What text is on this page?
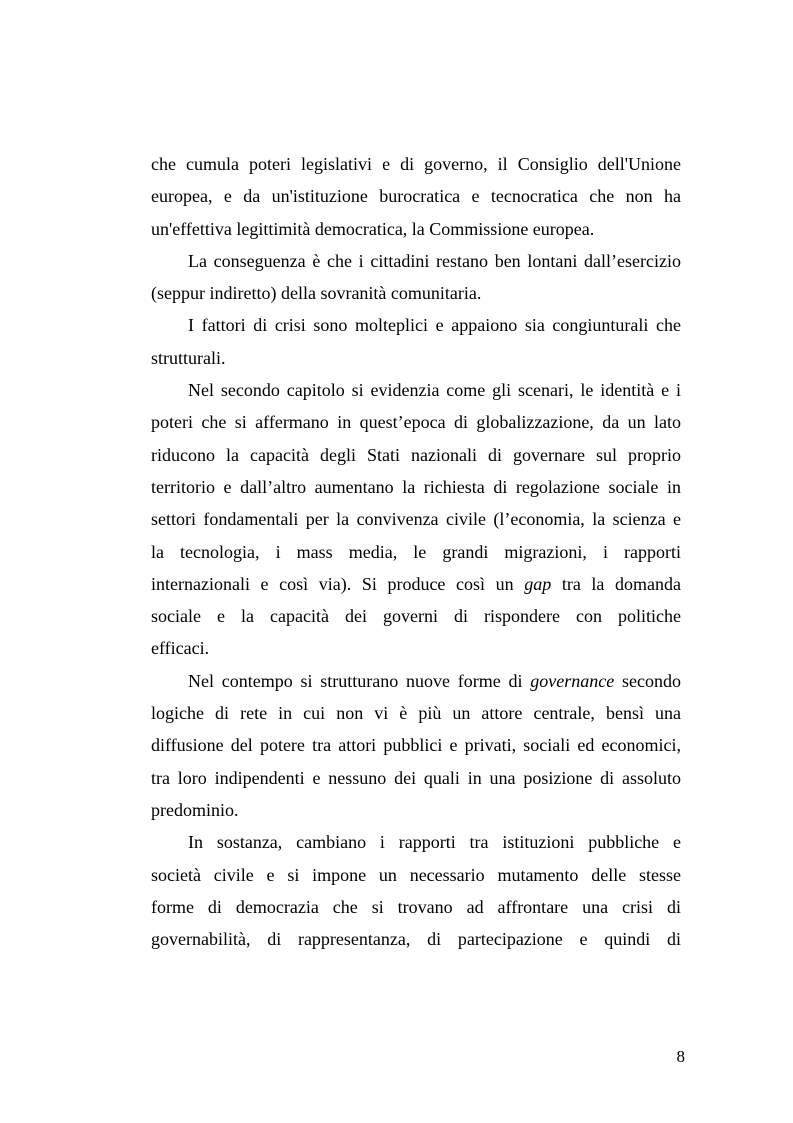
che cumula poteri legislativi e di governo, il Consiglio dell'Unione
europea, e da un'istituzione burocratica e tecnocratica che non ha
un'effettiva legittimità democratica, la Commissione europea.
La conseguenza è che i cittadini restano ben lontani dall’esercizio
(seppur indiretto) della sovranità comunitaria.
I fattori di crisi sono molteplici e appaiono sia congiunturali che
strutturali.
Nel secondo capitolo si evidenzia come gli scenari, le identità e i
poteri che si affermano in quest’epoca di globalizzazione, da un lato
riducono la capacità degli Stati nazionali di governare sul proprio
territorio e dall’altro aumentano la richiesta di regolazione sociale in
settori fondamentali per la convivenza civile (l’economia, la scienza e
la tecnologia, i mass media, le grandi migrazioni, i rapporti
internazionali e così via). Si produce così un gap tra la domanda
sociale e la capacità dei governi di rispondere con politiche
efficaci.
Nel contempo si strutturano nuove forme di governance secondo
logiche di rete in cui non vi è più un attore centrale, bensì una
diffusione del potere tra attori pubblici e privati, sociali ed economici,
tra loro indipendenti e nessuno dei quali in una posizione di assoluto
predominio.
In sostanza, cambiano i rapporti tra istituzioni pubbliche e
società civile e si impone un necessario mutamento delle stesse
forme di democrazia che si trovano ad affrontare una crisi di
governabilità, di rappresentanza, di partecipazione e quindi di
8
